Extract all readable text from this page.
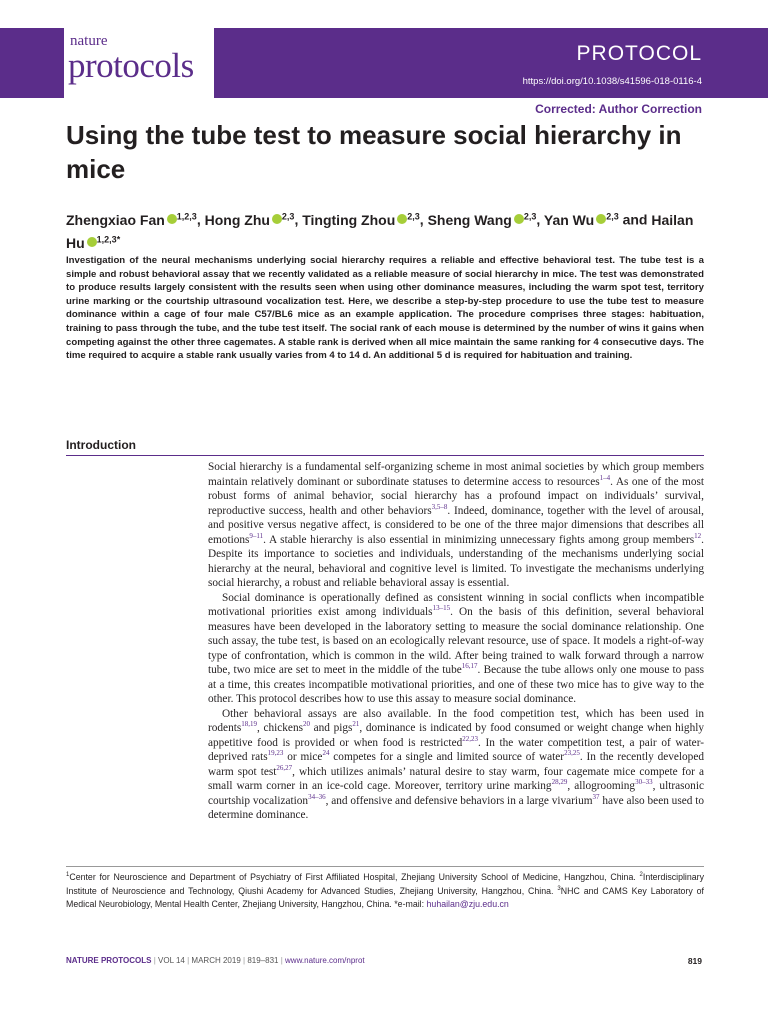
nature
protocols	PROTOCOL
https://doi.org/10.1038/s41596-018-0116-4
Corrected: Author Correction
Using the tube test to measure social hierarchy in mice
Zhengxiao Fan $^{1,2,3}$, Hong Zhu $^{2,3}$, Tingting Zhou $^{2,3}$, Sheng Wang $^{2,3}$, Yan Wu $^{2,3}$ and Hailan Hu $^{1,2,3*}$
Investigation of the neural mechanisms underlying social hierarchy requires a reliable and effective behavioral test. The tube test is a simple and robust behavioral assay that we recently validated as a reliable measure of social hierarchy in mice. The test was demonstrated to produce results largely consistent with the results seen when using other dominance measures, including the warm spot test, territory urine marking or the courtship ultrasound vocalization test. Here, we describe a step-by-step procedure to use the tube test to measure dominance within a cage of four male C57/BL6 mice as an example application. The procedure comprises three stages: habituation, training to pass through the tube, and the tube test itself. The social rank of each mouse is determined by the number of wins it gains when competing against the other three cagemates. A stable rank is derived when all mice maintain the same ranking for 4 consecutive days. The time required to acquire a stable rank usually varies from 4 to 14 d. An additional 5 d is required for habituation and training.
Introduction

Social hierarchy is a fundamental self-organizing scheme in most animal societies by which group members maintain relatively dominant or subordinate statuses to determine access to resources$^{1-4}$. As one of the most robust forms of animal behavior, social hierarchy has a profound impact on individuals’ survival, reproductive success, health and other behaviors$^{3,5-8}$. Indeed, dominance, together with the level of arousal, and positive versus negative affect, is considered to be one of the three major dimensions that describes all emotions$^{9-11}$. A stable hierarchy is also essential in minimizing unnecessary fights among group members$^{12}$. Despite its importance to societies and individuals, understanding of the mechanisms underlying social hierarchy at the neural, behavioral and cognitive level is limited. To investigate the mechanisms underlying social hierarchy, a robust and reliable behavioral assay is essential.

Social dominance is operationally defined as consistent winning in social conflicts when incompatible motivational priorities exist among individuals$^{13-15}$. On the basis of this definition, several behavioral measures have been developed in the laboratory setting to measure the social dominance relationship. One such assay, the tube test, is based on an ecologically relevant resource, use of space. It models a right-of-way type of confrontation, which is common in the wild. After being trained to walk forward through a narrow tube, two mice are set to meet in the middle of the tube$^{16,17}$. Because the tube allows only one mouse to pass at a time, this creates incompatible motivational priorities, and one of these two mice has to give way to the other. This protocol describes how to use this assay to measure social dominance.

Other behavioral assays are also available. In the food competition test, which has been used in rodents$^{18,19}$, chickens$^{20}$ and pigs$^{21}$, dominance is indicated by food consumed or weight change when highly appetitive food is provided or when food is restricted$^{22,23}$. In the water competition test, a pair of water-deprived rats$^{19,23}$ or mice$^{24}$ competes for a single and limited source of water$^{23,25}$. In the recently developed warm spot test$^{26,27}$, which utilizes animals’ natural desire to stay warm, four cagemate mice compete for a small warm corner in an ice-cold cage. Moreover, territory urine marking$^{28,29}$, allogrooming$^{30-33}$, ultrasonic courtship vocalization$^{34-36}$, and offensive and defensive behaviors in a large vivarium$^{37}$ have also been used to determine dominance.

$^1$Center for Neuroscience and Department of Psychiatry of First Affiliated Hospital, Zhejiang University School of Medicine, Hangzhou, China. $^2$Interdisciplinary Institute of Neuroscience and Technology, Qiushi Academy for Advanced Studies, Zhejiang University, Hangzhou, China. $^3$NHC and CAMS Key Laboratory of Medical Neurobiology, Mental Health Center, Zhejiang University, Hangzhou, China. *e-mail: huhailan@zju.edu.cn
NATURE PROTOCOLS | VOL 14 | MARCH 2019 | 819–831 | www.nature.com/nprot	819
